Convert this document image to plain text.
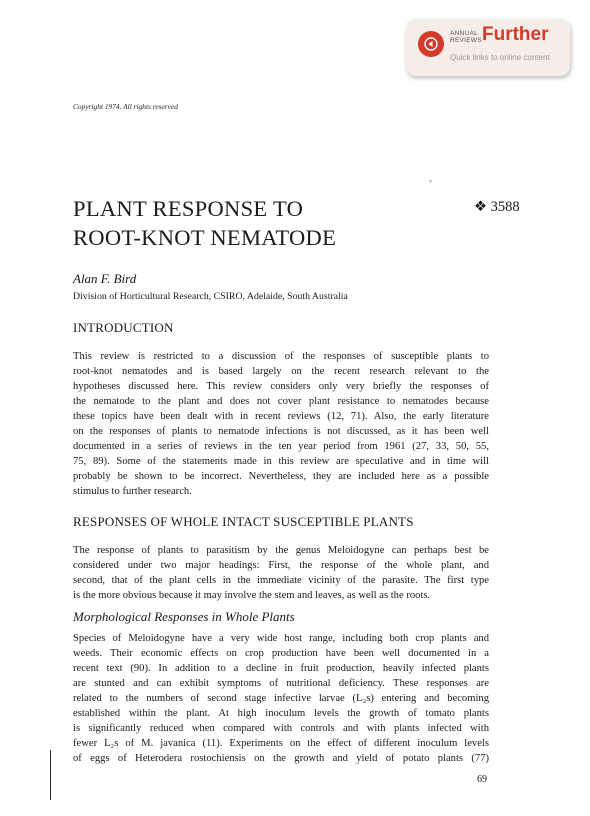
ANNUAL
REVIEWS Further
Quick links to online content
Copyright 1974. All rights reserved
°
PLANT RESPONSE TO
ROOT-KNOT NEMATODE
❖ 3588
Alan F. Bird
Division of Horticultural Research, CSIRO, Adelaide, South Australia
INTRODUCTION
This review is restricted to a discussion of the responses of susceptible plants to
root-knot nematodes and is based largely on the recent research relevant to the
hypotheses discussed here. This review considers only very briefly the responses of
the nematode to the plant and does not cover plant resistance to nematodes because
these topics have been dealt with in recent reviews (12, 71). Also, the early literature
on the responses of plants to nematode infections is not discussed, as it has been well
documented in a series of reviews in the ten year period from 1961 (27, 33, 50, 55,
75, 89). Some of the statements made in this review are speculative and in time will
probably be shown to be incorrect. Nevertheless, they are included here as a possible
stimulus to further research.
RESPONSES OF WHOLE INTACT SUSCEPTIBLE PLANTS
The response of plants to parasitism by the genus Meloidogyne can perhaps best be
considered under two major headings: First, the response of the whole plant, and
second, that of the plant cells in the immediate vicinity of the parasite. The first type
is the more obvious because it may involve the stem and leaves, as well as the roots.
Morphological Responses in Whole Plants
Species of Meloidogyne have a very wide host range, including both crop plants and
weeds. Their economic effects on crop production have been well documented in a
recent text (90). In addition to a decline in fruit production, heavily infected plants
are stunted and can exhibit symptoms of nutritional deficiency. These responses are
related to the numbers of second stage infective larvae (L₂s) entering and becoming
established within the plant. At high inoculum levels the growth of tomato plants
is significantly reduced when compared with controls and with plants infected with
fewer L₂s of M. javanica (11). Experiments on the effect of different inoculum levels
of eggs of Heterodera rostochiensis on the growth and yield of potato plants (77)
69
